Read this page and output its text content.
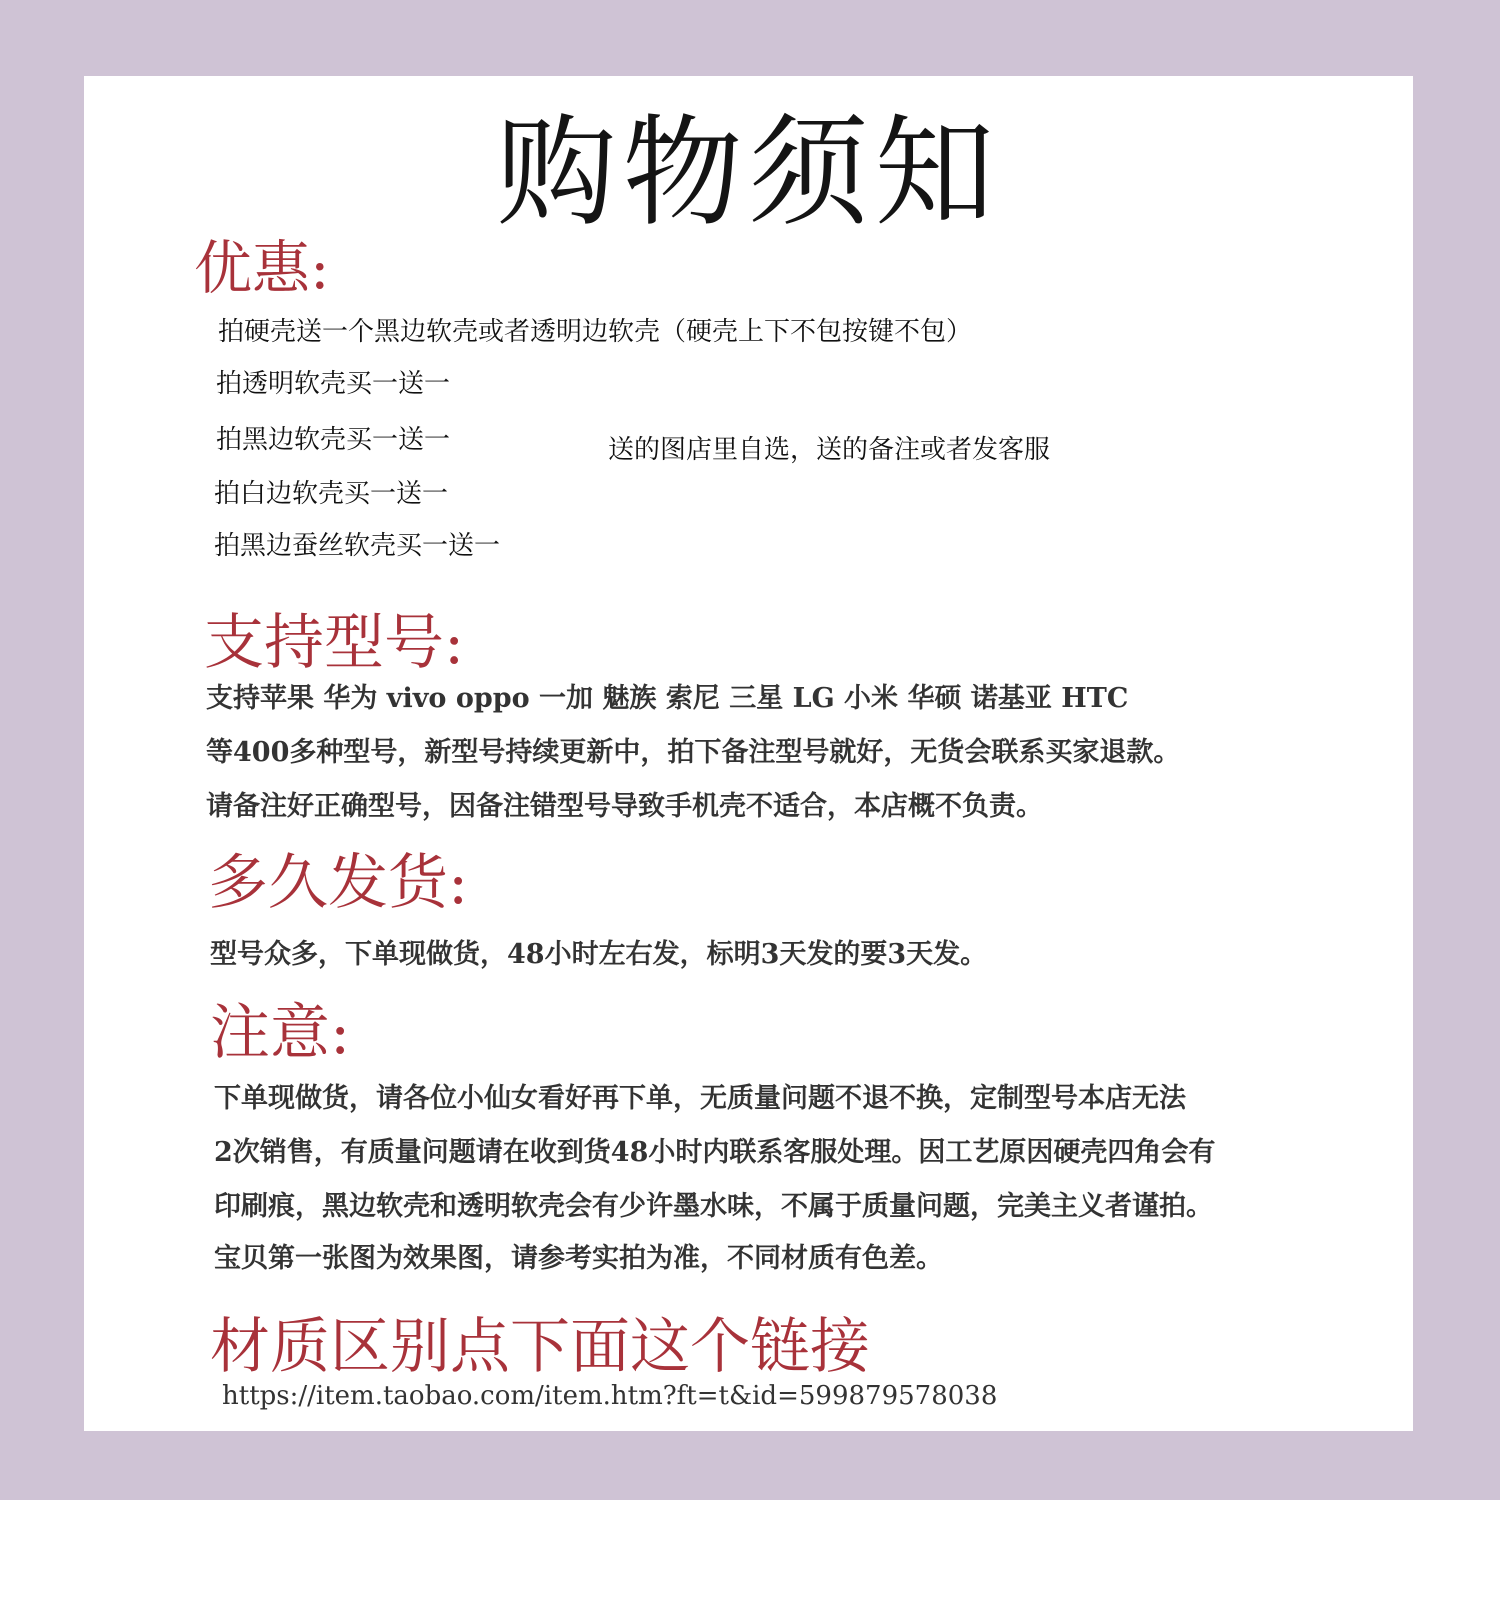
购物须知
优惠:
拍硬壳送一个黑边软壳或者透明边软壳（硬壳上下不包按键不包）
拍透明软壳买一送一
拍黑边软壳买一送一
拍白边软壳买一送一
拍黑边蚕丝软壳买一送一
送的图店里自选，送的备注或者发客服
支持型号:
支持苹果 华为 vivo oppo 一加 魅族 索尼 三星 LG 小米 华硕 诺基亚 HTC
等400多种型号，新型号持续更新中，拍下备注型号就好，无货会联系买家退款。
请备注好正确型号，因备注错型号导致手机壳不适合，本店概不负责。
多久发货:
型号众多，下单现做货，48小时左右发，标明3天发的要3天发。
注意:
下单现做货，请各位小仙女看好再下单，无质量问题不退不换，定制型号本店无法
2次销售，有质量问题请在收到货48小时内联系客服处理。因工艺原因硬壳四角会有
印刷痕，黑边软壳和透明软壳会有少许墨水味，不属于质量问题，完美主义者谨拍。
宝贝第一张图为效果图，请参考实拍为准，不同材质有色差。
材质区别点下面这个链接
https://item.taobao.com/item.htm?ft=t&id=599879578038
